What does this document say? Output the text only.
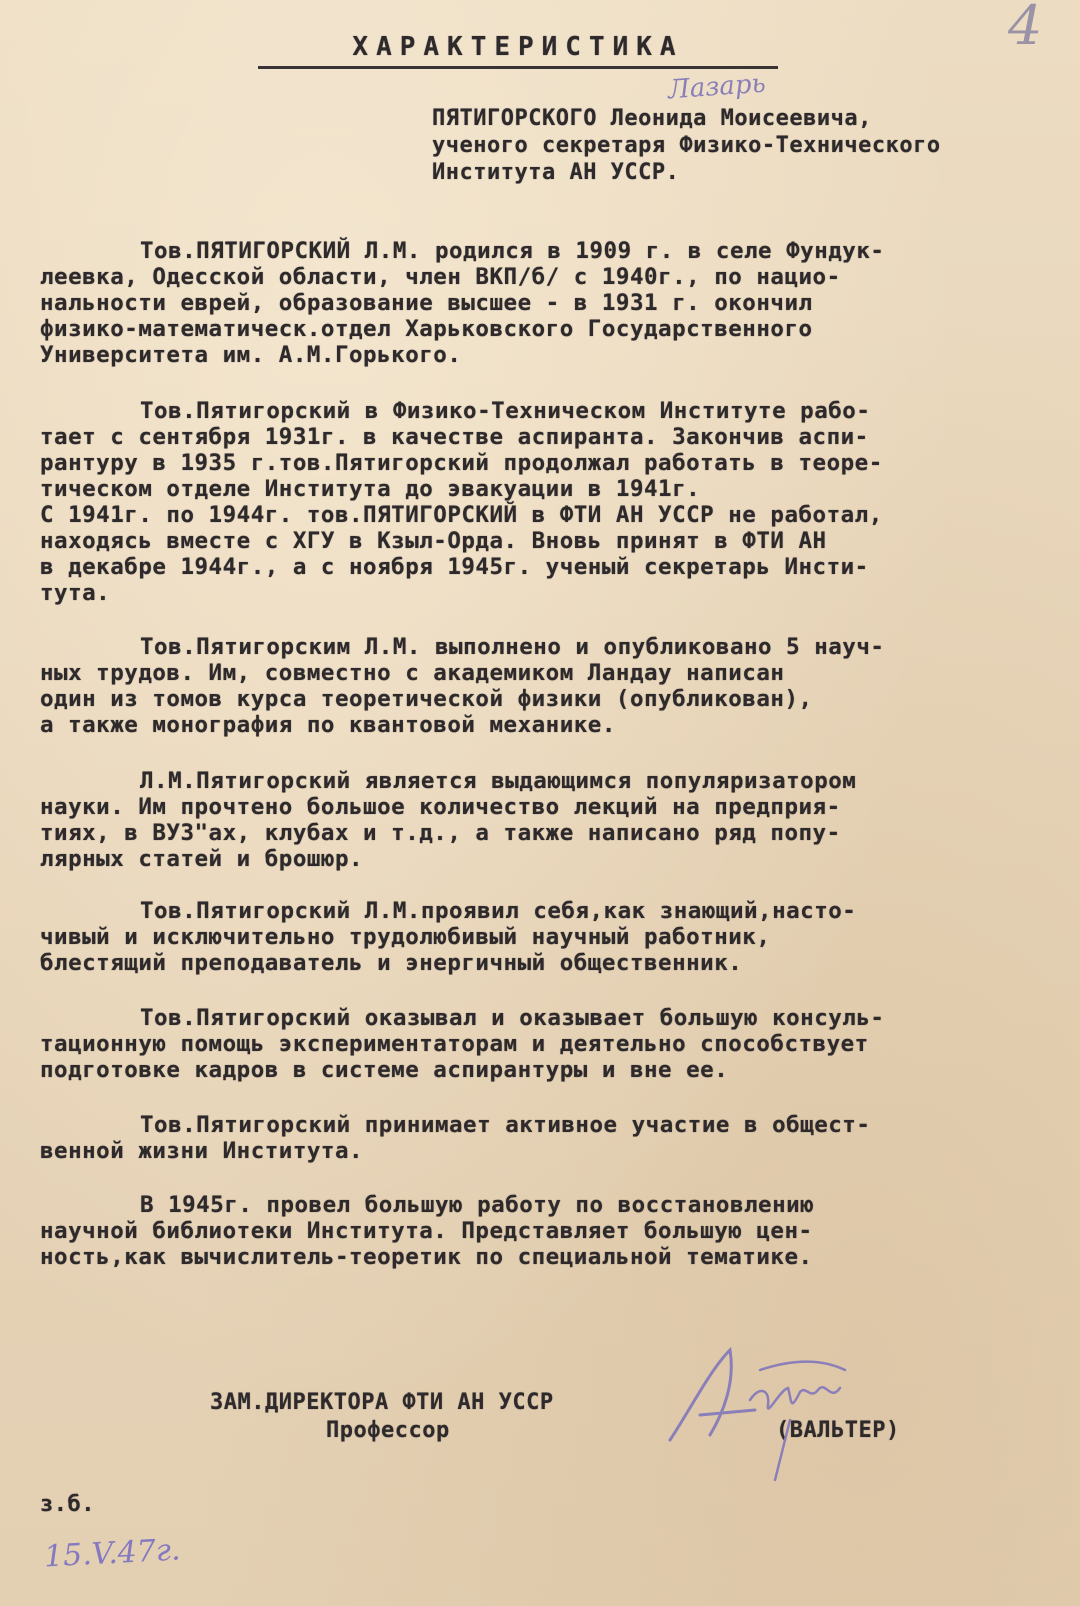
4
ХАРАКТЕРИСТИКА
Лазарь
ПЯТИГОРСКОГО Леонида Моисеевича,
ученого секретаря Физико-Технического
Института АН УССР.

Тов.ПЯТИГОРСКИЙ Л.М. родился в 1909 г. в селе Фундук-

леевка, Одесской области, член ВКП/б/ с 1940г., по нацио-

нальности еврей, образование высшее - в 1931 г. окончил

физико-математическ.отдел Харьковского Государственного

Университета им. А.М.Горького.

Тов.Пятигорский в Физико-Техническом Институте рабо-

тает с сентября 1931г. в качестве аспиранта. Закончив аспи-

рантуру в 1935 г.тов.Пятигорский продолжал работать в теоре-

тическом отделе Института до эвакуации в 1941г.

С 1941г. по 1944г. тов.ПЯТИГОРСКИЙ в ФТИ АН УССР не работал,

находясь вместе с ХГУ в Кзыл-Орда. Вновь принят в ФТИ АН

в декабре 1944г., а с ноября 1945г. ученый секретарь Инсти-

тута.

Тов.Пятигорским Л.М. выполнено и опубликовано 5 науч-

ных трудов. Им, совместно с академиком Ландау написан

один из томов курса теоретической физики (опубликован),

а также монография по квантовой механике.

Л.М.Пятигорский является выдающимся популяризатором

науки. Им прочтено большое количество лекций на предприя-

тиях, в ВУЗ"ах, клубах и т.д., а также написано ряд попу-

лярных статей и брошюр.

Тов.Пятигорский Л.М.проявил себя,как знающий,насто-

чивый и исключительно трудолюбивый научный работник,

блестящий преподаватель и энергичный общественник.

Тов.Пятигорский оказывал и оказывает большую консуль-

тационную помощь экспериментаторам и деятельно способствует

подготовке кадров в системе аспирантуры и вне ее.

Тов.Пятигорский принимает активное участие в общест-

венной жизни Института.

В 1945г. провел большую работу по восстановлению

научной библиотеки Института. Представляет большую цен-

ность,как вычислитель-теоретик по специальной тематике.

ЗАМ.ДИРЕКТОРА ФТИ АН УССР
Профессор	(ВАЛЬТЕР)
з.б.
15.V.47г.
